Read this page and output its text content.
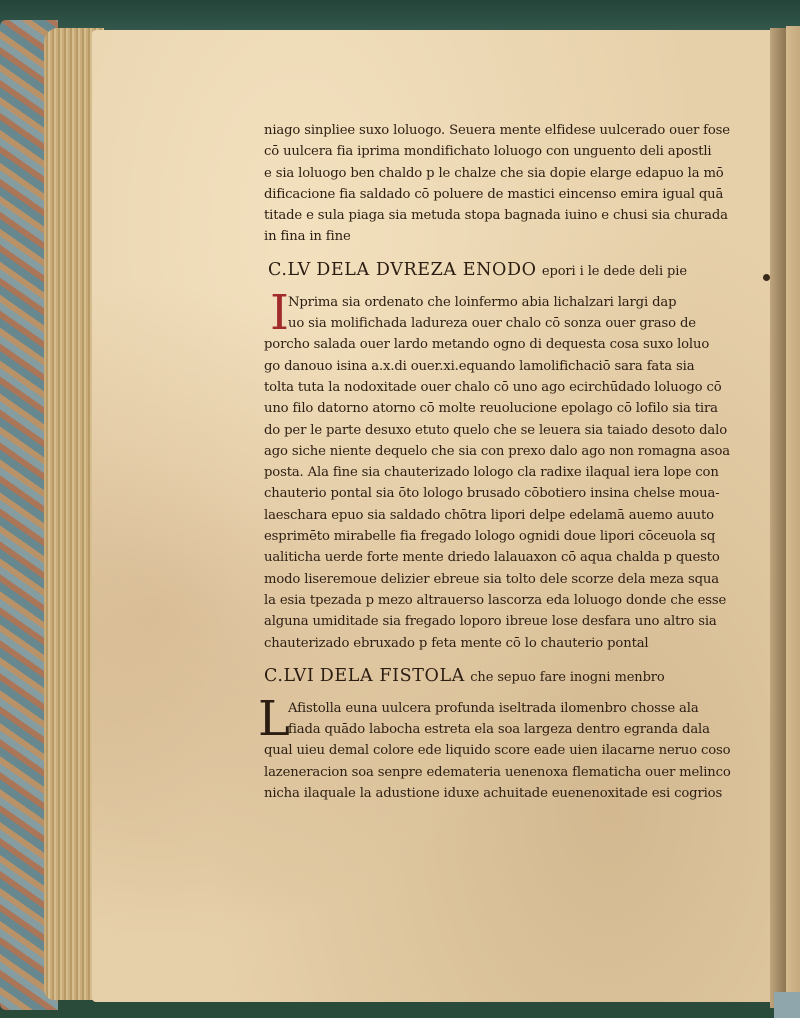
niago sinpliee suxo loluogo. Seuera mente elfidese uulcerado ouer fose
cō uulcera fia iprima mondifichato loluogo con unguento deli apostli
e sia loluogo ben chaldo p le chalze che sia dopie elarge edapuo la mō
dificacione fia saldado cō poluere de mastici eincenso emira igual quā
titade e sula piaga sia metuda stopa bagnada iuino e chusi sia churada
in fina in fine
C.LV DELA DVREZA ENODO epori i le dede deli pie
I Nprima sia ordenato che loinfermo abia lichalzari largi dap
uo sia molifichada ladureza ouer chalo cō sonza ouer graso de
porcho salada ouer lardo metando ogno di dequesta cosa suxo loluo
go danouo isina a.x.di ouer.xi.equando lamolifichaciō sara fata sia
tolta tuta la nodoxitade ouer chalo cō uno ago ecirchūdado loluogo cō
uno filo datorno atorno cō molte reuolucione epolago cō lofilo sia tira
do per le parte desuxo etuto quelo che se leuera sia taiado desoto dalo
ago siche niente dequelo che sia con prexo dalo ago non romagna asoa
posta. Ala fine sia chauterizado lologo cla radixe ilaqual iera lope con
chauterio pontal sia ōto lologo brusado cōbotiero insina chelse moua-
laeschara epuo sia saldado chōtra lipori delpe edelamā auemo auuto
esprimēto mirabelle fia fregado lologo ognidi doue lipori cōceuola sq
ualiticha uerde forte mente driedo lalauaxon cō aqua chalda p questo
modo liseremoue delizier ebreue sia tolto dele scorze dela meza squa
la esia tpezada p mezo altrauerso lascorza eda loluogo donde che esse
alguna umiditade sia fregado loporo ibreue lose desfara uno altro sia
chauterizado ebruxado p feta mente cō lo chauterio pontal
C.LVI DELA FISTOLA che sepuo fare inogni menbro
L
Afistolla euna uulcera profunda iseltrada ilomenbro chosse ala
fiada quādo labocha estreta ela soa largeza dentro egranda dala
qual uieu demal colore ede liquido score eade uien ilacarne neruo coso
lazeneracion soa senpre edemateria uenenoxa flematicha ouer melinco
nicha ilaquale la adustione iduxe achuitade euenenoxitade esi cogrios
